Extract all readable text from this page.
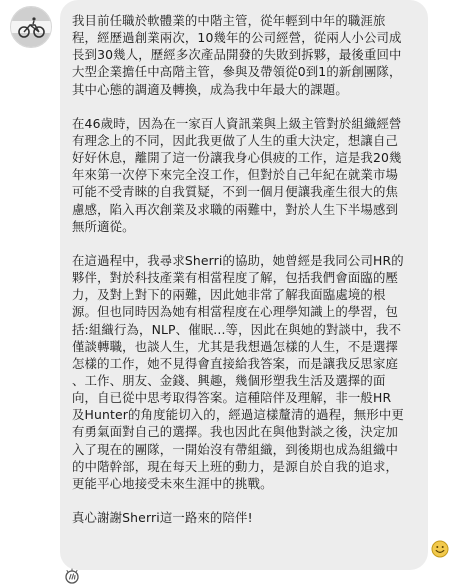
我目前任職於軟體業的中階主管，從年輕到中年的職涯旅
程，經歷過創業兩次，10幾年的公司經營，從兩人小公司成
長到30幾人，歷經多次產品開發的失敗到拆夥，最後重回中
大型企業擔任中高階主管，參與及帶領從0到1的新創團隊，
其中心態的調適及轉換，成為我中年最大的課題。

在46歲時，因為在一家百人資訊業與上級主管對於組織經營
有理念上的不同，因此我更做了人生的重大決定，想讓自己
好好休息，離開了這一份讓我身心俱疲的工作，這是我20幾
年來第一次停下來完全沒工作，但對於自己年紀在就業市場
可能不受青睞的自我質疑，不到一個月便讓我產生很大的焦
慮感，陷入再次創業及求職的兩難中，對於人生下半場感到
無所適從。

在這過程中，我尋求Sherri的協助，她曾經是我同公司HR的
夥伴，對於科技產業有相當程度了解，包括我們會面臨的壓
力，及對上對下的兩難，因此她非常了解我面臨處境的根
源。但也同時因為她有相當程度在心理學知識上的學習，包
括:組織行為，NLP、催眠...等，因此在與她的對談中，我不
僅談轉職，也談人生，尤其是我想過怎樣的人生，不是選擇
怎樣的工作，她不見得會直接給我答案，而是讓我反思家庭
、工作、朋友、金錢、興趣，幾個形塑我生活及選擇的面
向，自已從中思考取得答案。這種陪伴及理解，非一般HR
及Hunter的角度能切入的，經過這樣釐清的過程，無形中更
有勇氣面對自己的選擇。我也因此在與他對談之後，決定加
入了現在的團隊，一開始沒有帶組織，到後期也成為組織中
的中階幹部，現在每天上班的動力，是源自於自我的追求，
更能平心地接受未來生涯中的挑戰。

真心謝謝Sherri這一路來的陪伴!
